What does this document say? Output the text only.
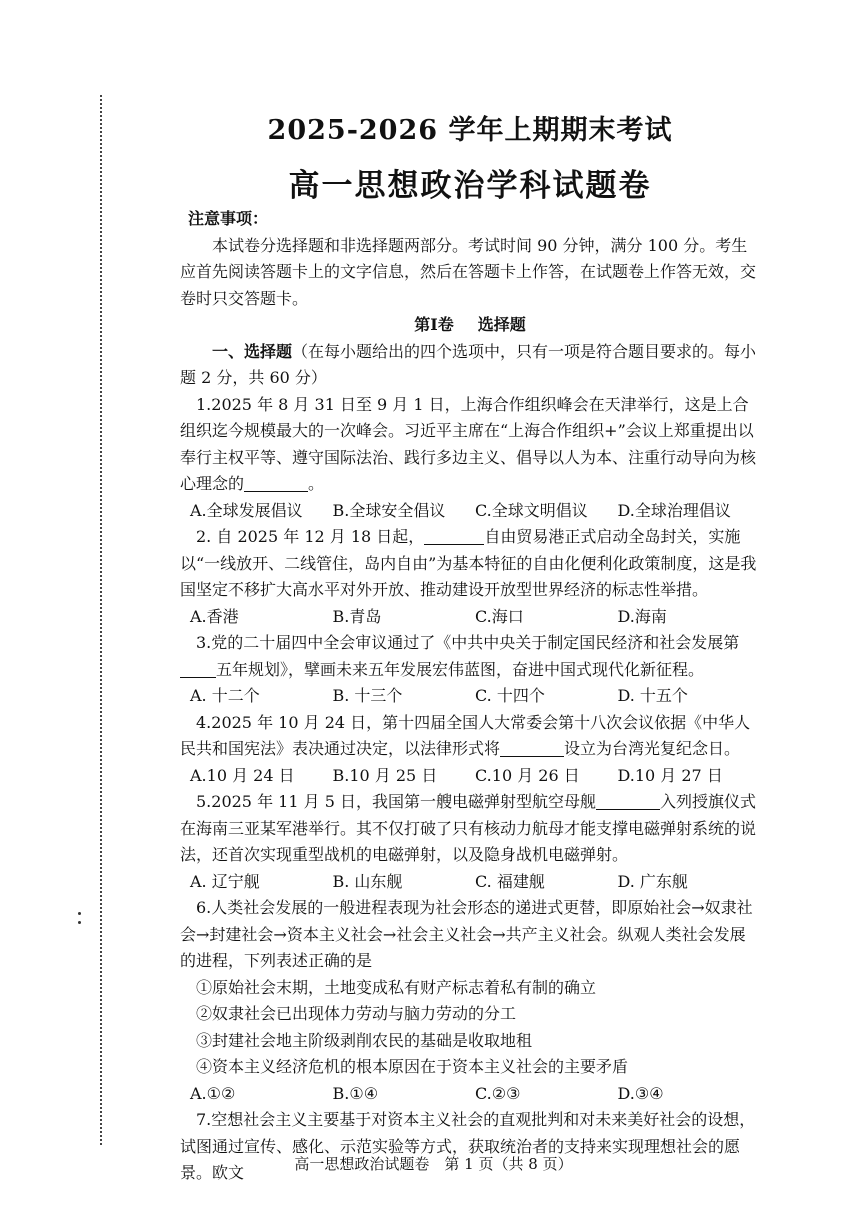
2025-2026 学年上期期末考试
高一思想政治学科试题卷

注意事项：

本试卷分选择题和非选择题两部分。考试时间 90 分钟，满分 100 分。考生应首先阅读答题卡上的文字信息，然后在答题卡上作答，在试题卷上作答无效，交卷时只交答题卡。

第Ⅰ卷 选择题

一、选择题（在每小题给出的四个选项中，只有一项是符合题目要求的。每小题 2 分，共 60 分）

1.2025 年 8 月 31 日至 9 月 1 日，上海合作组织峰会在天津举行，这是上合组织迄今规模最大的一次峰会。习近平主席在“上海合作组织+”会议上郑重提出以奉行主权平等、遵守国际法治、践行多边主义、倡导以人为本、注重行动导向为核心理念的	。

A.全球发展倡议	B.全球安全倡议	C.全球文明倡议	D.全球治理倡议

2. 自 2025 年 12 月 18 日起，	自由贸易港正式启动全岛封关，实施以“一线放开、二线管住，岛内自由”为基本特征的自由化便利化政策制度，这是我国坚定不移扩大高水平对外开放、推动建设开放型世界经济的标志性举措。

A.香港	B.青岛	C.海口	D.海南

3.党的二十届四中全会审议通过了《中共中央关于制定国民经济和社会发展第五年规划》，擘画未来五年发展宏伟蓝图，奋进中国式现代化新征程。

A. 十二个	B. 十三个	C. 十四个	D. 十五个

4.2025 年 10 月 24 日，第十四届全国人大常委会第十八次会议依据《中华人民共和国宪法》表决通过决定，以法律形式将	设立为台湾光复纪念日。

A.10 月 24 日	B.10 月 25 日	C.10 月 26 日	D.10 月 27 日

5.2025 年 11 月 5 日，我国第一艘电磁弹射型航空母舰	入列授旗仪式在海南三亚某军港举行。其不仅打破了只有核动力航母才能支撑电磁弹射系统的说法，还首次实现重型战机的电磁弹射，以及隐身战机电磁弹射。

A. 辽宁舰	B. 山东舰	C. 福建舰	D. 广东舰

6.人类社会发展的一般进程表现为社会形态的递进式更替，即原始社会→奴隶社会→封建社会→资本主义社会→社会主义社会→共产主义社会。纵观人类社会发展的进程，下列表述正确的是

①原始社会末期，土地变成私有财产标志着私有制的确立

②奴隶社会已出现体力劳动与脑力劳动的分工

③封建社会地主阶级剥削农民的基础是收取地租

④资本主义经济危机的根本原因在于资本主义社会的主要矛盾

A.①②	B.①④	C.②③	D.③④

7.空想社会主义主要基于对资本主义社会的直观批判和对未来美好社会的设想，试图通过宣传、感化、示范实验等方式，获取统治者的支持来实现理想社会的愿景。欧文	高一思想政治试题卷　第 1 页（共 8 页）
